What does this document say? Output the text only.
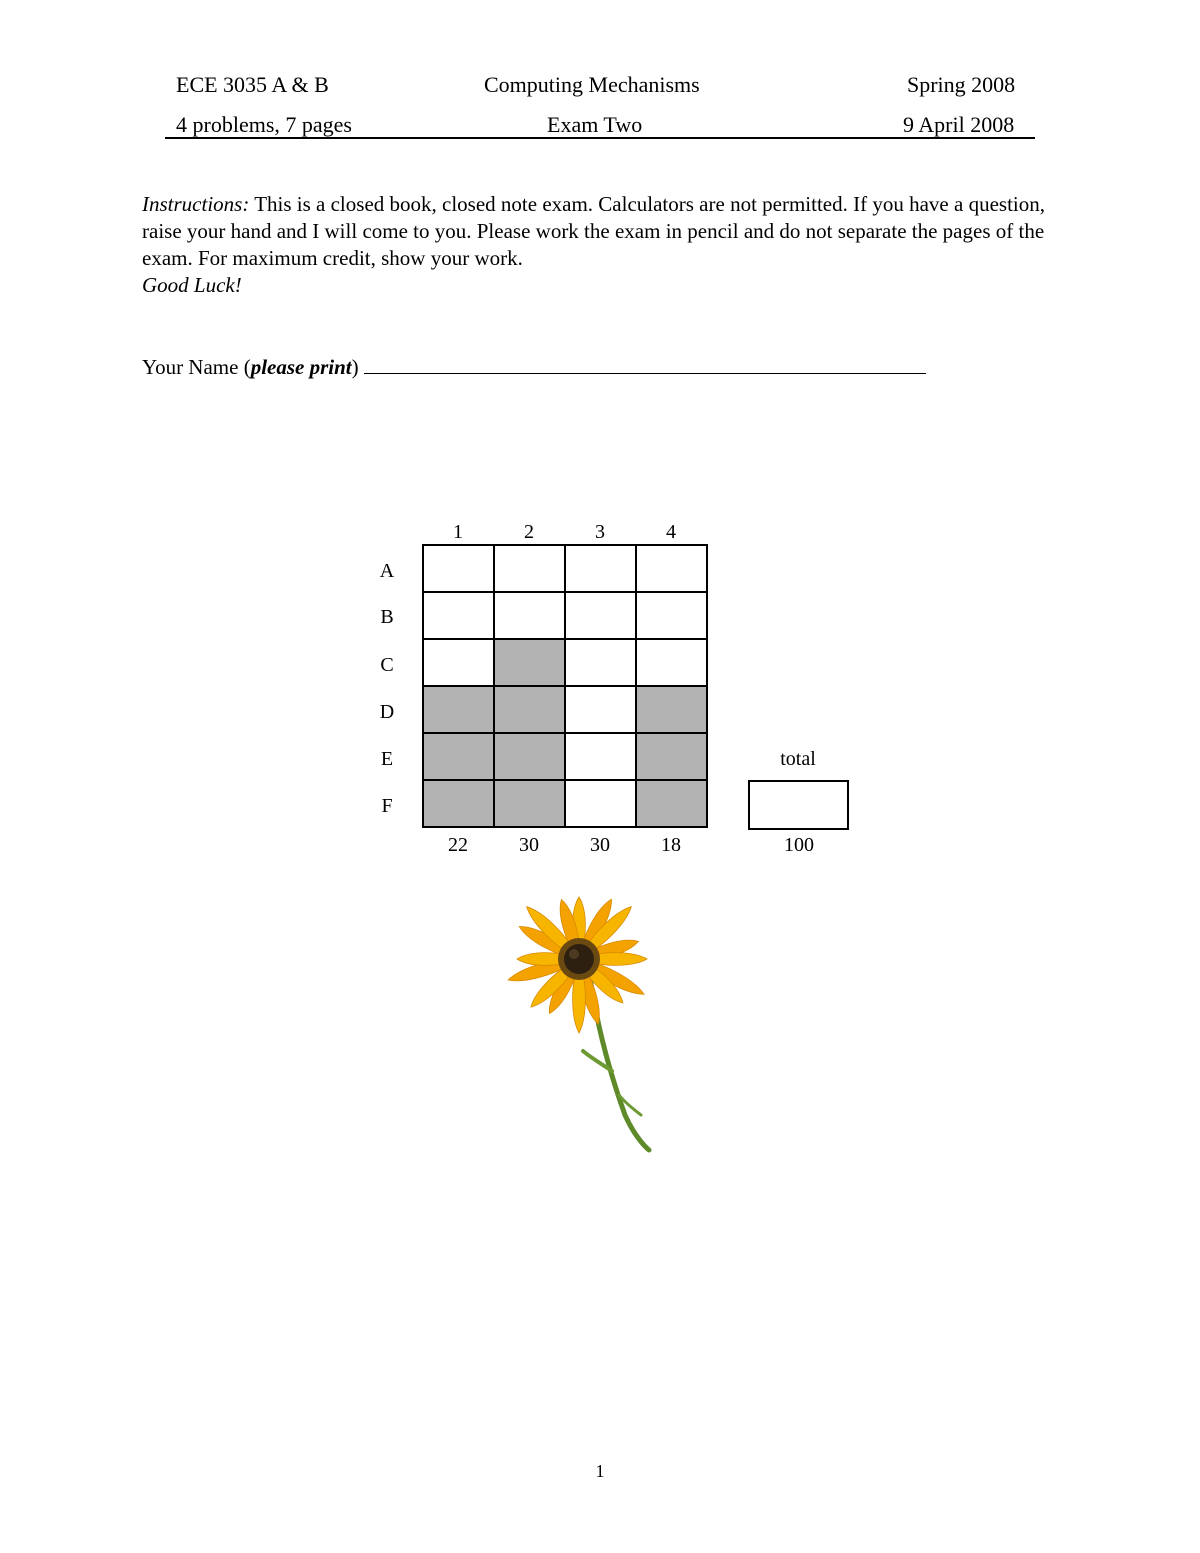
ECE 3035 A & B	Computing Mechanisms	Spring 2008
4 problems, 7 pages	Exam Two	9 April 2008
Instructions: This is a closed book, closed note exam. Calculators are not permitted. If you have a question, raise your hand and I will come to you. Please work the exam in pencil and do not separate the pages of the exam. For maximum credit, show your work.
Good Luck!
Your Name (please print)
1	2	3	4
A
B
C
D
E
F

22	30	30	18
total
100
1
